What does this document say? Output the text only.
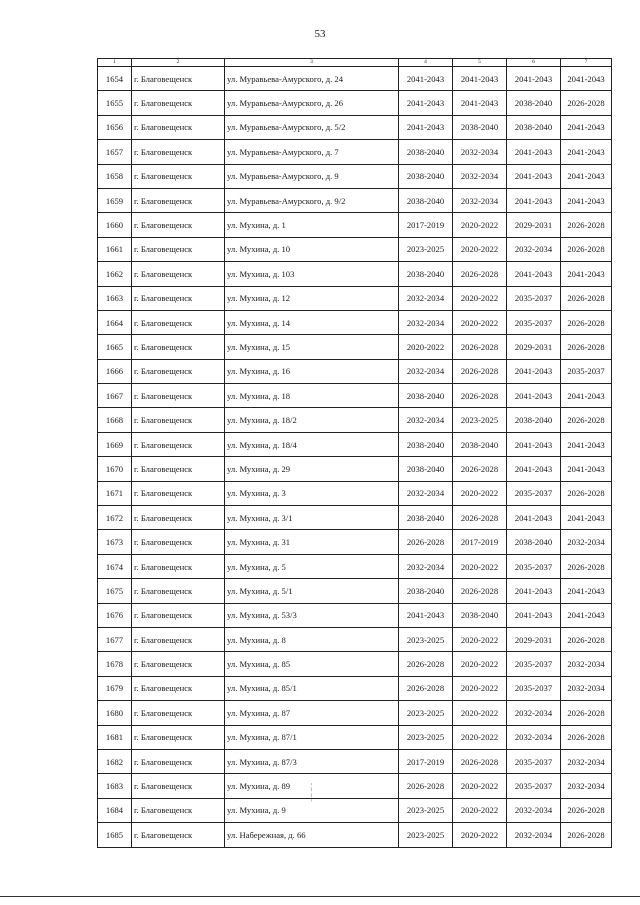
53
1	2	3	4	5	6	7
1654	г. Благовещенск	ул. Муравьева-Амурского, д. 24	2041-2043	2041-2043	2041-2043	2041-2043
1655	г. Благовещенск	ул. Муравьева-Амурского, д. 26	2041-2043	2041-2043	2038-2040	2026-2028
1656	г. Благовещенск	ул. Муравьева-Амурского, д. 5/2	2041-2043	2038-2040	2038-2040	2041-2043
1657	г. Благовещенск	ул. Муравьева-Амурского, д. 7	2038-2040	2032-2034	2041-2043	2041-2043
1658	г. Благовещенск	ул. Муравьева-Амурского, д. 9	2038-2040	2032-2034	2041-2043	2041-2043
1659	г. Благовещенск	ул. Муравьева-Амурского, д. 9/2	2038-2040	2032-2034	2041-2043	2041-2043
1660	г. Благовещенск	ул. Мухина, д. 1	2017-2019	2020-2022	2029-2031	2026-2028
1661	г. Благовещенск	ул. Мухина, д. 10	2023-2025	2020-2022	2032-2034	2026-2028
1662	г. Благовещенск	ул. Мухина, д. 103	2038-2040	2026-2028	2041-2043	2041-2043
1663	г. Благовещенск	ул. Мухина, д. 12	2032-2034	2020-2022	2035-2037	2026-2028
1664	г. Благовещенск	ул. Мухина, д. 14	2032-2034	2020-2022	2035-2037	2026-2028
1665	г. Благовещенск	ул. Мухина, д. 15	2020-2022	2026-2028	2029-2031	2026-2028
1666	г. Благовещенск	ул. Мухина, д. 16	2032-2034	2026-2028	2041-2043	2035-2037
1667	г. Благовещенск	ул. Мухина, д. 18	2038-2040	2026-2028	2041-2043	2041-2043
1668	г. Благовещенск	ул. Мухина, д. 18/2	2032-2034	2023-2025	2038-2040	2026-2028
1669	г. Благовещенск	ул. Мухина, д. 18/4	2038-2040	2038-2040	2041-2043	2041-2043
1670	г. Благовещенск	ул. Мухина, д. 29	2038-2040	2026-2028	2041-2043	2041-2043
1671	г. Благовещенск	ул. Мухина, д. 3	2032-2034	2020-2022	2035-2037	2026-2028
1672	г. Благовещенск	ул. Мухина, д. 3/1	2038-2040	2026-2028	2041-2043	2041-2043
1673	г. Благовещенск	ул. Мухина, д. 31	2026-2028	2017-2019	2038-2040	2032-2034
1674	г. Благовещенск	ул. Мухина, д. 5	2032-2034	2020-2022	2035-2037	2026-2028
1675	г. Благовещенск	ул. Мухина, д. 5/1	2038-2040	2026-2028	2041-2043	2041-2043
1676	г. Благовещенск	ул. Мухина, д. 53/3	2041-2043	2038-2040	2041-2043	2041-2043
1677	г. Благовещенск	ул. Мухина, д. 8	2023-2025	2020-2022	2029-2031	2026-2028
1678	г. Благовещенск	ул. Мухина, д. 85	2026-2028	2020-2022	2035-2037	2032-2034
1679	г. Благовещенск	ул. Мухина, д. 85/1	2026-2028	2020-2022	2035-2037	2032-2034
1680	г. Благовещенск	ул. Мухина, д. 87	2023-2025	2020-2022	2032-2034	2026-2028
1681	г. Благовещенск	ул. Мухина, д. 87/1	2023-2025	2020-2022	2032-2034	2026-2028
1682	г. Благовещенск	ул. Мухина, д. 87/3	2017-2019	2026-2028	2035-2037	2032-2034
1683	г. Благовещенск	ул. Мухина, д. 89	2026-2028	2020-2022	2035-2037	2032-2034
1684	г. Благовещенск	ул. Мухина, д. 9	2023-2025	2020-2022	2032-2034	2026-2028
1685	г. Благовещенск	ул. Набережная, д. 66	2023-2025	2020-2022	2032-2034	2026-2028
¦
¦
¦
